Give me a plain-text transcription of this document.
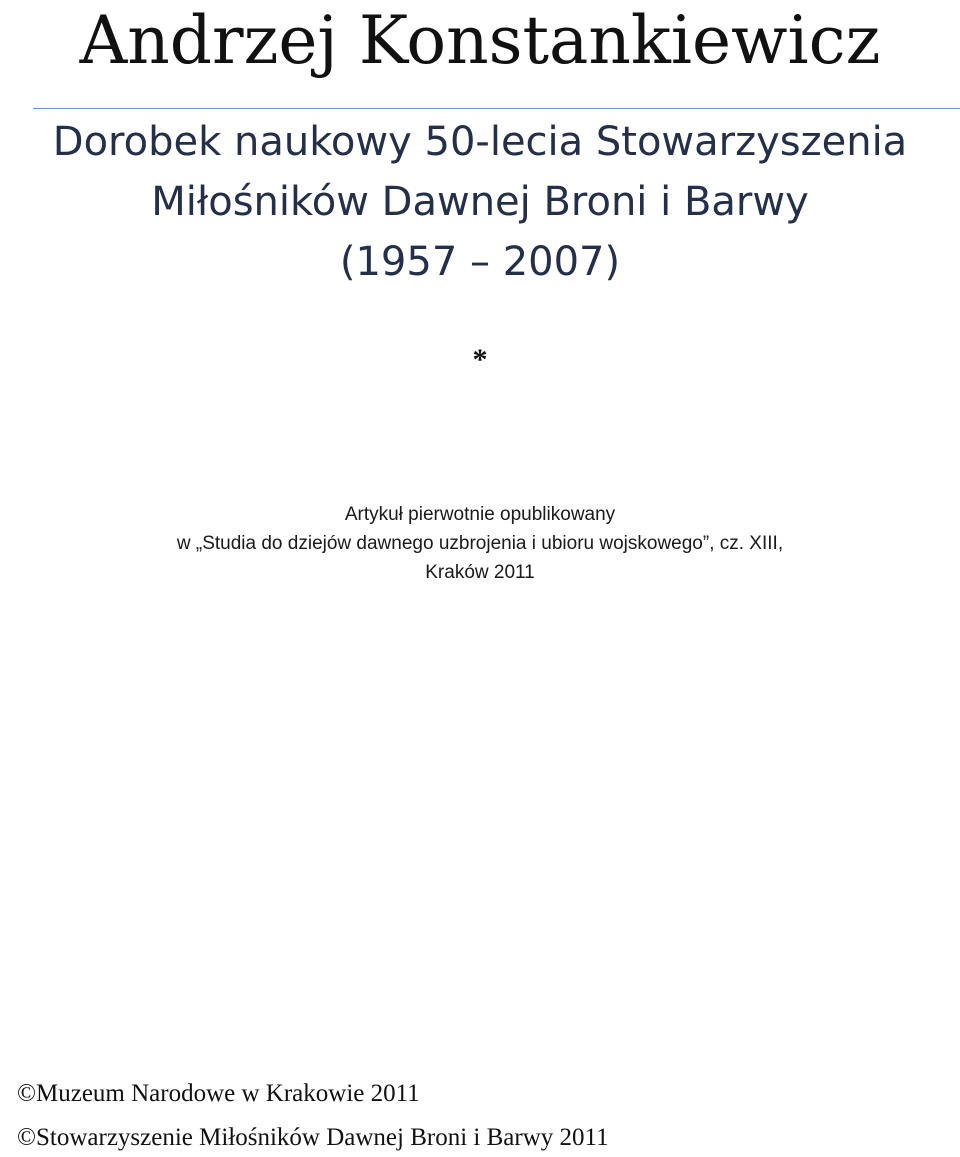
Andrzej Konstankiewicz
Dorobek naukowy 50-lecia Stowarzyszenia
Miłośników Dawnej Broni i Barwy
(1957 – 2007)
*
Artykuł pierwotnie opublikowany
w „Studia do dziejów dawnego uzbrojenia i ubioru wojskowego”, cz. XIII,
Kraków 2011
©Muzeum Narodowe w Krakowie 2011
©Stowarzyszenie Miłośników Dawnej Broni i Barwy 2011
